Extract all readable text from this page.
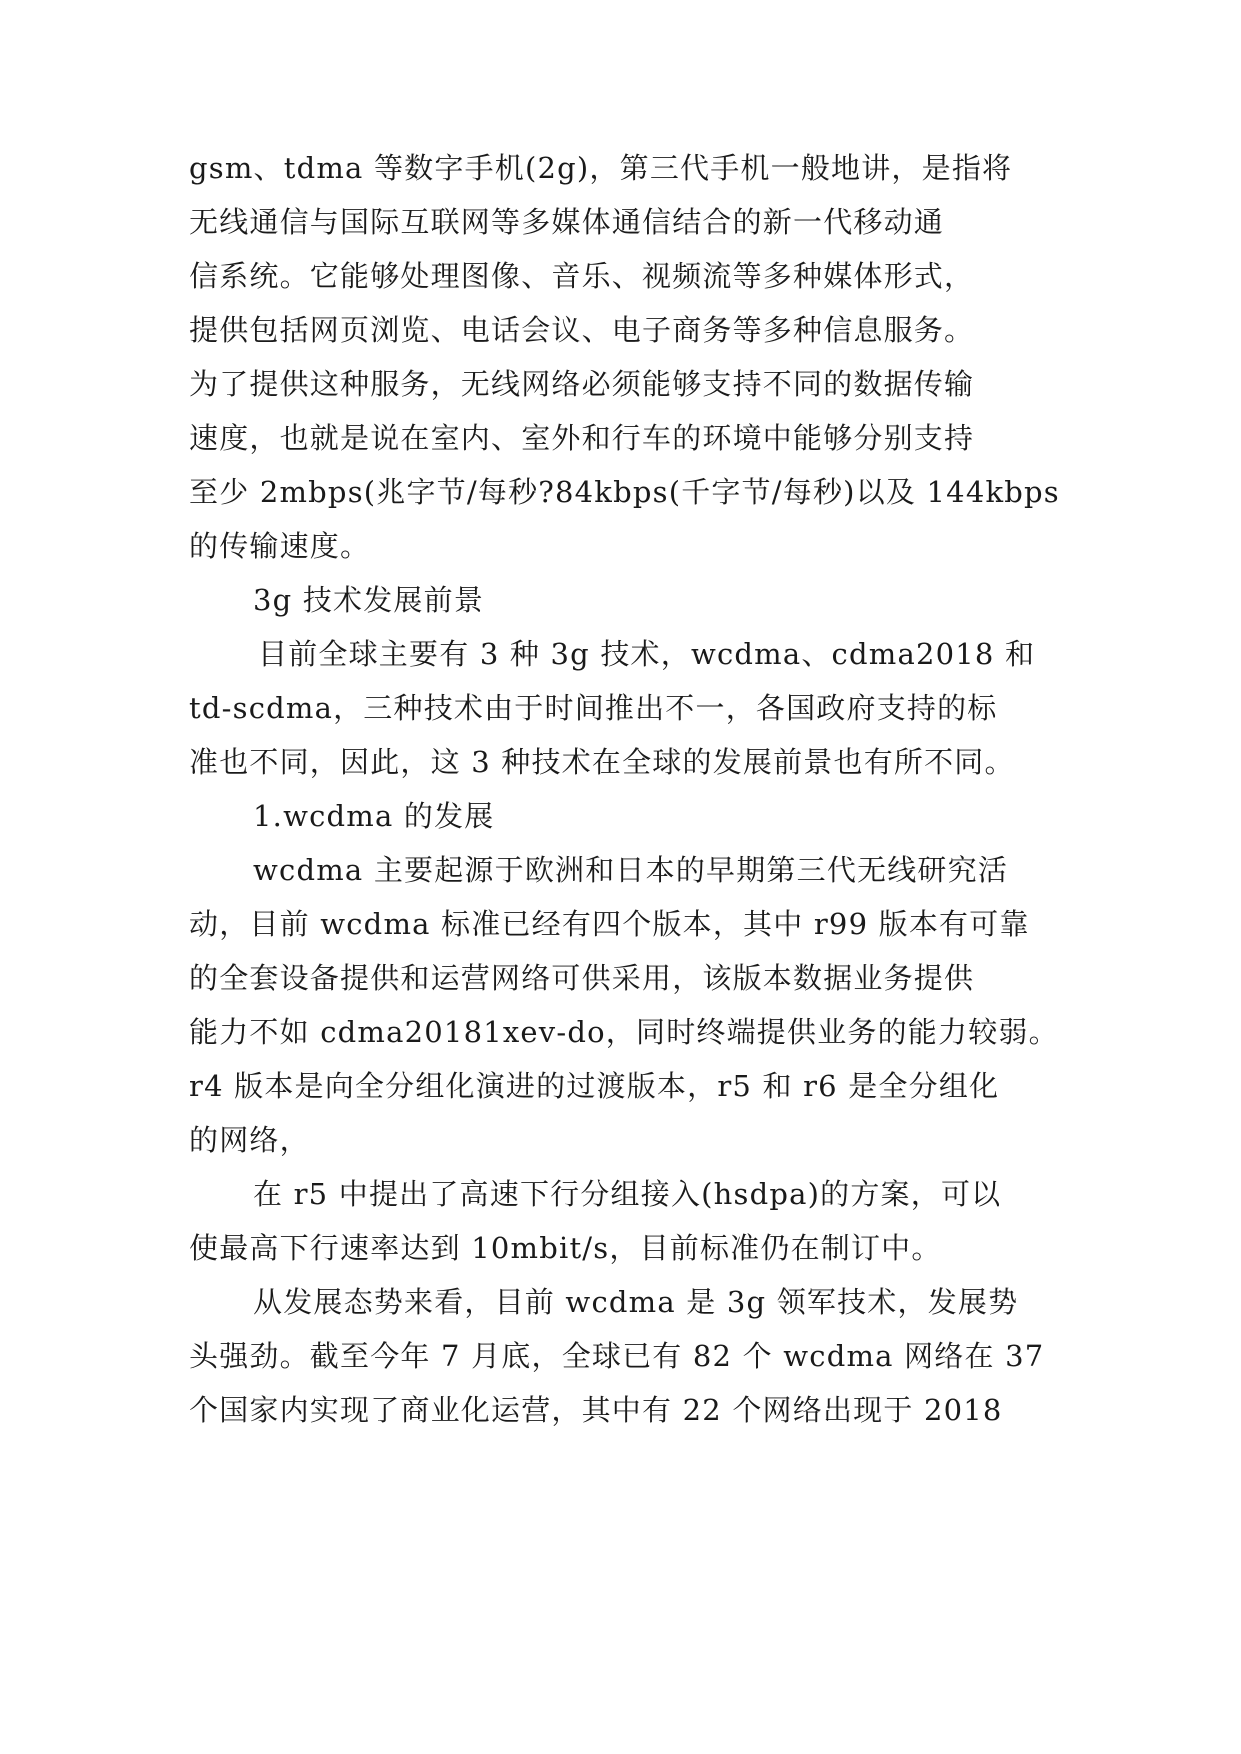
gsm、tdma 等数字手机(2g)，第三代手机一般地讲，是指将
无线通信与国际互联网等多媒体通信结合的新一代移动通
信系统。它能够处理图像、音乐、视频流等多种媒体形式，
提供包括网页浏览、电话会议、电子商务等多种信息服务。
为了提供这种服务，无线网络必须能够支持不同的数据传输
速度，也就是说在室内、室外和行车的环境中能够分别支持
至少 2mbps(兆字节/每秒?84kbps(千字节/每秒)以及 144kbps
的传输速度。
3g 技术发展前景
目前全球主要有 3 种 3g 技术，wcdma、cdma2018 和
td-scdma，三种技术由于时间推出不一，各国政府支持的标
准也不同，因此，这 3 种技术在全球的发展前景也有所不同。
1.wcdma 的发展
wcdma 主要起源于欧洲和日本的早期第三代无线研究活
动，目前 wcdma 标准已经有四个版本，其中 r99 版本有可靠
的全套设备提供和运营网络可供采用，该版本数据业务提供
能力不如 cdma20181xev-do，同时终端提供业务的能力较弱。
r4 版本是向全分组化演进的过渡版本，r5 和 r6 是全分组化
的网络，
在 r5 中提出了高速下行分组接入(hsdpa)的方案，可以
使最高下行速率达到 10mbit/s，目前标准仍在制订中。
从发展态势来看，目前 wcdma 是 3g 领军技术，发展势
头强劲。截至今年 7 月底，全球已有 82 个 wcdma 网络在 37
个国家内实现了商业化运营，其中有 22 个网络出现于 2018
